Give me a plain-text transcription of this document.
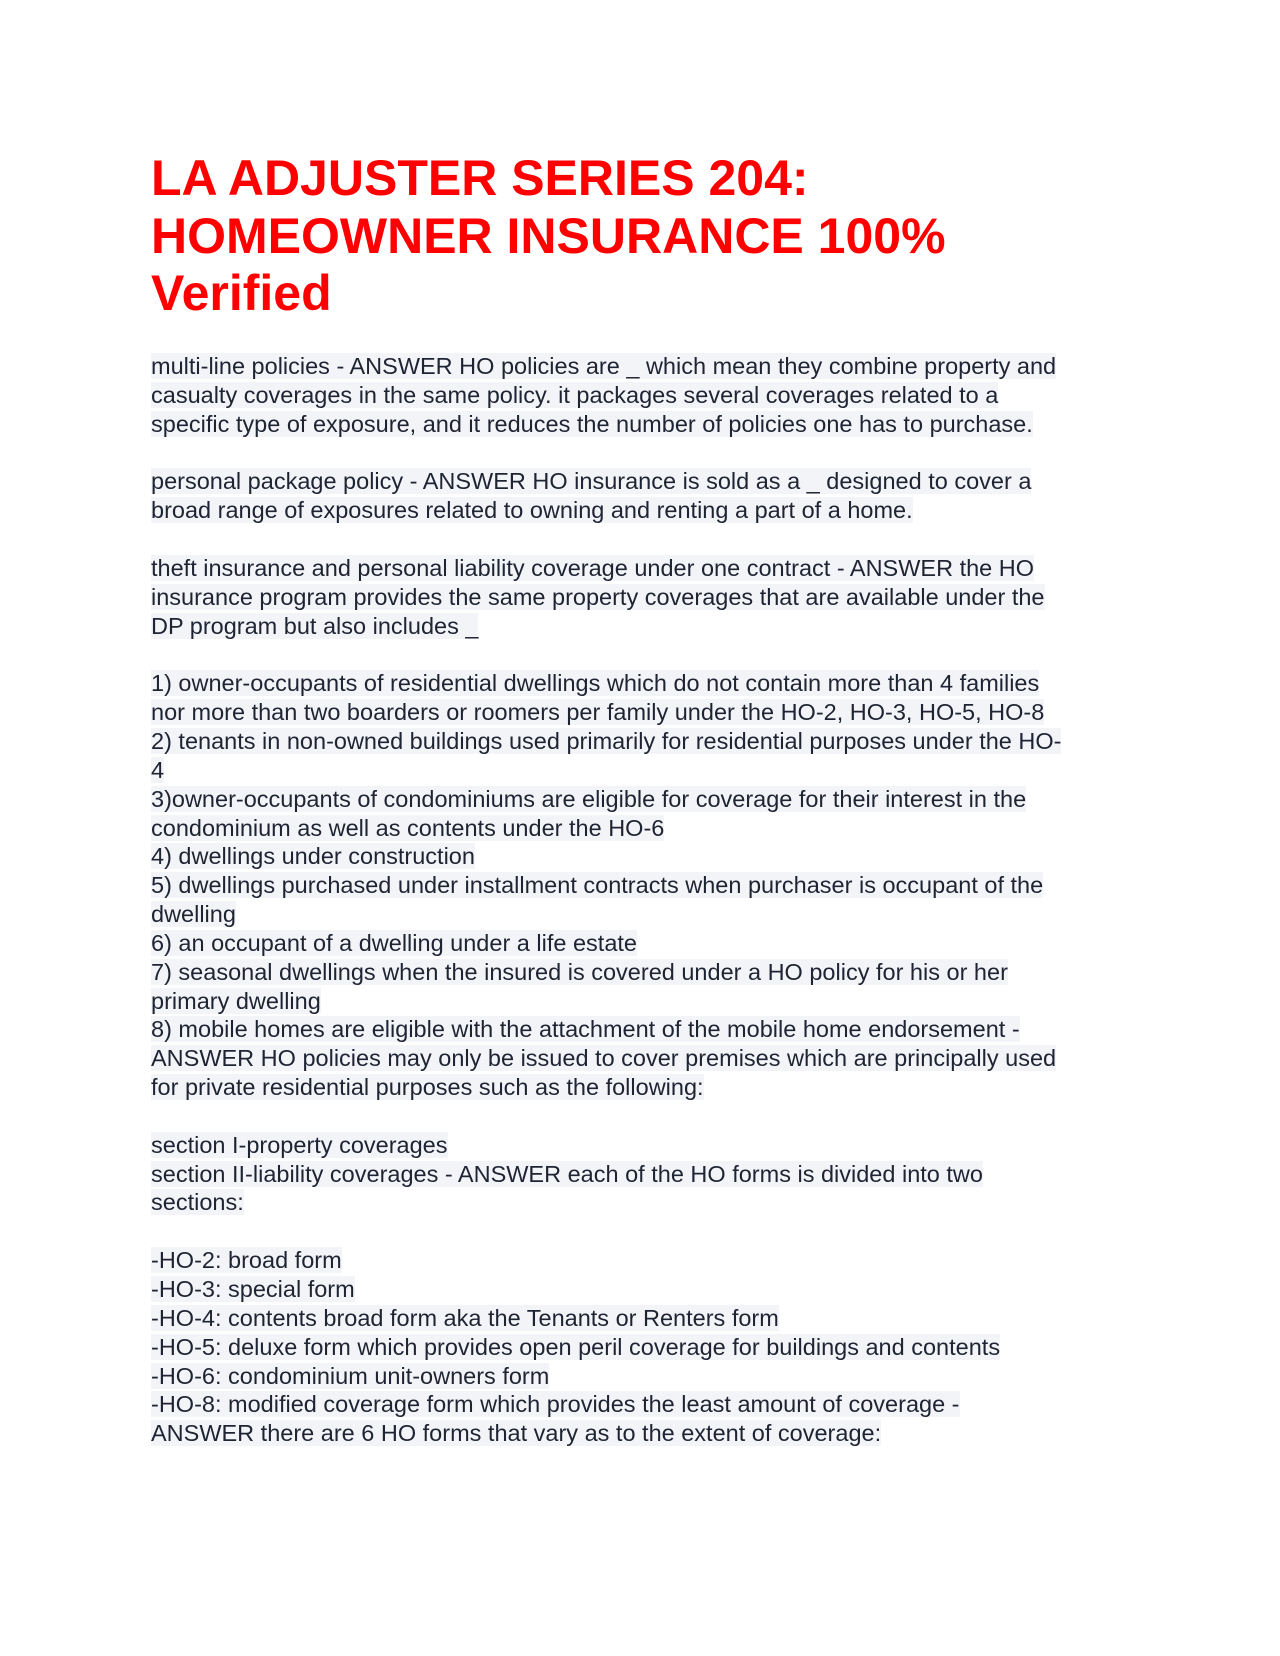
LA ADJUSTER SERIES 204:
HOMEOWNER INSURANCE 100%
Verified
multi-line policies - ANSWER HO policies are _ which mean they combine property and
casualty coverages in the same policy. it packages several coverages related to a
specific type of exposure, and it reduces the number of policies one has to purchase.
personal package policy - ANSWER HO insurance is sold as a _ designed to cover a
broad range of exposures related to owning and renting a part of a home.
theft insurance and personal liability coverage under one contract - ANSWER the HO
insurance program provides the same property coverages that are available under the
DP program but also includes _
1) owner-occupants of residential dwellings which do not contain more than 4 families
nor more than two boarders or roomers per family under the HO-2, HO-3, HO-5, HO-8
2) tenants in non-owned buildings used primarily for residential purposes under the HO-
4
3)owner-occupants of condominiums are eligible for coverage for their interest in the
condominium as well as contents under the HO-6
4) dwellings under construction
5) dwellings purchased under installment contracts when purchaser is occupant of the
dwelling
6) an occupant of a dwelling under a life estate
7) seasonal dwellings when the insured is covered under a HO policy for his or her
primary dwelling
8) mobile homes are eligible with the attachment of the mobile home endorsement -
ANSWER HO policies may only be issued to cover premises which are principally used
for private residential purposes such as the following:
section I-property coverages
section II-liability coverages - ANSWER each of the HO forms is divided into two
sections:
-HO-2: broad form
-HO-3: special form
-HO-4: contents broad form aka the Tenants or Renters form
-HO-5: deluxe form which provides open peril coverage for buildings and contents
-HO-6: condominium unit-owners form
-HO-8: modified coverage form which provides the least amount of coverage -
ANSWER there are 6 HO forms that vary as to the extent of coverage:
